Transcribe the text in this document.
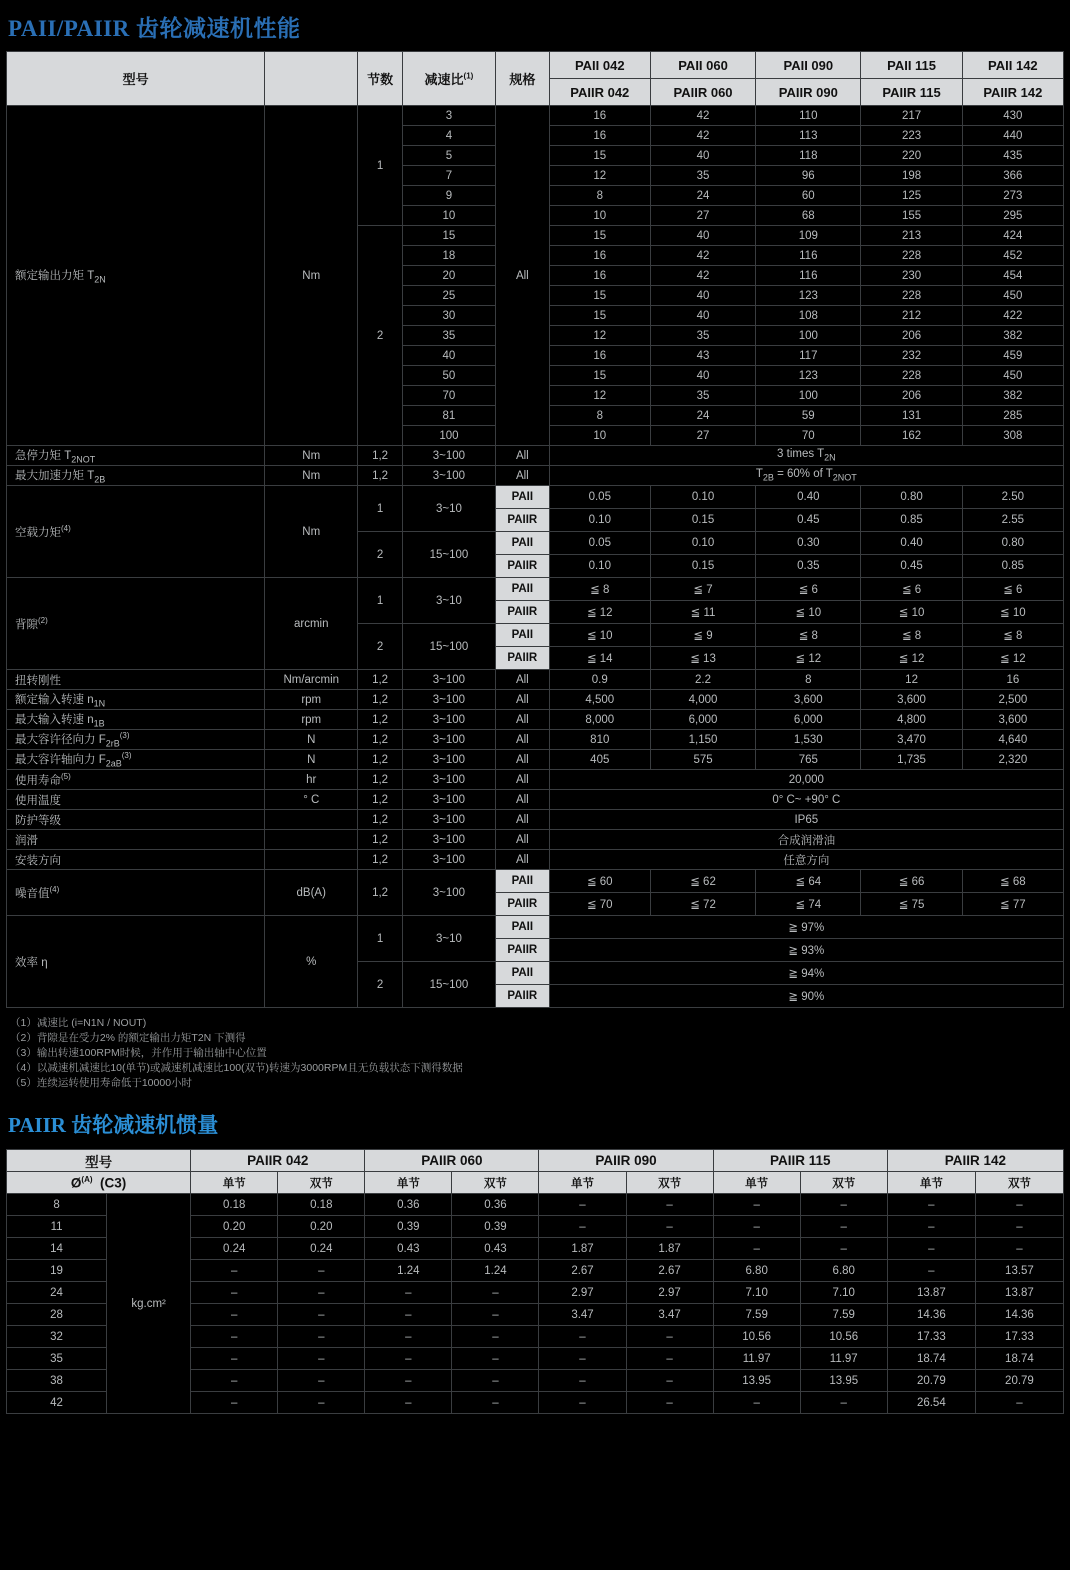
PAII/PAIIR 齿轮减速机性能
型号		节数	减速比$^{(1)}$	规格	PAII 042	PAII 060	PAII 090	PAII 115	PAII 142
					PAIIR 042	PAIIR 060	PAIIR 090	PAIIR 115	PAIIR 142
额定输出力矩 $T_{2N}$	Nm	1	3	All	16	42	110	217	430
			4		16	42	113	223	440
			5		15	40	118	220	435
			7		12	35	96	198	366
			9		8	24	60	125	273
			10		10	27	68	155	295
		2	15		15	40	109	213	424
			18		16	42	116	228	452
			20		16	42	116	230	454
			25		15	40	123	228	450
			30		15	40	108	212	422
			35		12	35	100	206	382
			40		16	43	117	232	459
			50		15	40	123	228	450
			70		12	35	100	206	382
			81		8	24	59	131	285
			100		10	27	70	162	308
急停力矩 $T_{2NOT}$	Nm	1,2	3~100	All	3 times $T_{2N}$
最大加速力矩 $T_{2B}$	Nm	1,2	3~100	All	$T_{2B} = 60\%$ of $T_{2NOT}$
空载力矩$^{(4)}$	Nm	1	3~10	PAII	0.05	0.10	0.40	0.80	2.50
				PAIIR	0.10	0.15	0.45	0.85	2.55
		2	15~100	PAII	0.05	0.10	0.30	0.40	0.80
				PAIIR	0.10	0.15	0.35	0.45	0.85
背隙$^{(2)}$	arcmin	1	3~10	PAII	≦ 8	≦ 7	≦ 6	≦ 6	≦ 6
				PAIIR	≦ 12	≦ 11	≦ 10	≦ 10	≦ 10
		2	15~100	PAII	≦ 10	≦ 9	≦ 8	≦ 8	≦ 8
				PAIIR	≦ 14	≦ 13	≦ 12	≦ 12	≦ 12
扭转刚性	Nm/arcmin	1,2	3~100	All	0.9	2.2	8	12	16
额定输入转速 $n_{1N}$	rpm	1,2	3~100	All	4,500	4,000	3,600	3,600	2,500
最大输入转速 $n_{1B}$	rpm	1,2	3~100	All	8,000	6,000	6,000	4,800	3,600
最大容许径向力 $F_{2rB}^{(3)}$	N	1,2	3~100	All	810	1,150	1,530	3,470	4,640
最大容许轴向力 $F_{2aB}^{(3)}$	N	1,2	3~100	All	405	575	765	1,735	2,320
使用寿命$^{(5)}$	hr	1,2	3~100	All	20,000				
使用温度	° C	1,2	3~100	All	0° C~ +90° C				
防护等级		1,2	3~100	All	IP65				
润滑		1,2	3~100	All	合成润滑油				
安装方向		1,2	3~100	All	任意方向				
噪音值$^{(4)}$	dB(A)	1,2	3~100	PAII	≦ 60	≦ 62	≦ 64	≦ 66	≦ 68
				PAIIR	≦ 70	≦ 72	≦ 74	≦ 75	≦ 77
效率 η	%	1	3~10	PAII	≧ 97%				
				PAIIR	≧ 93%				
		2	15~100	PAII	≧ 94%				
				PAIIR	≧ 90%				
（1）减速比 (i=N1N / NOUT)
（2）背隙是在受力2% 的额定输出力矩T2N 下测得
（3）输出转速100RPM时候，并作用于输出轴中心位置
（4）以减速机减速比10(单节)或减速机减速比100(双节)转速为3000RPM且无负载状态下测得数据
（5）连续运转使用寿命低于10000小时
PAIIR 齿轮减速机惯量
型号		PAIIR 042		PAIIR 060		PAIIR 090		PAIIR 115		PAIIR 142	
$Ø^{(A)}$  (C3)		单节	双节	单节	双节	单节	双节	单节	双节	单节	双节
8	kg.cm²	0.18	0.18	0.36	0.36	–	–	–	–	–	–
11		0.20	0.20	0.39	0.39	–	–	–	–	–	–
14		0.24	0.24	0.43	0.43	1.87	1.87	–	–	–	–
19		–	–	1.24	1.24	2.67	2.67	6.80	6.80	–	13.57
24		–	–	–	–	2.97	2.97	7.10	7.10	13.87	13.87
28		–	–	–	–	3.47	3.47	7.59	7.59	14.36	14.36
32		–	–	–	–	–	–	10.56	10.56	17.33	17.33
35		–	–	–	–	–	–	11.97	11.97	18.74	18.74
38		–	–	–	–	–	–	13.95	13.95	20.79	20.79
42		–	–	–	–	–	–	–	–	26.54	–
